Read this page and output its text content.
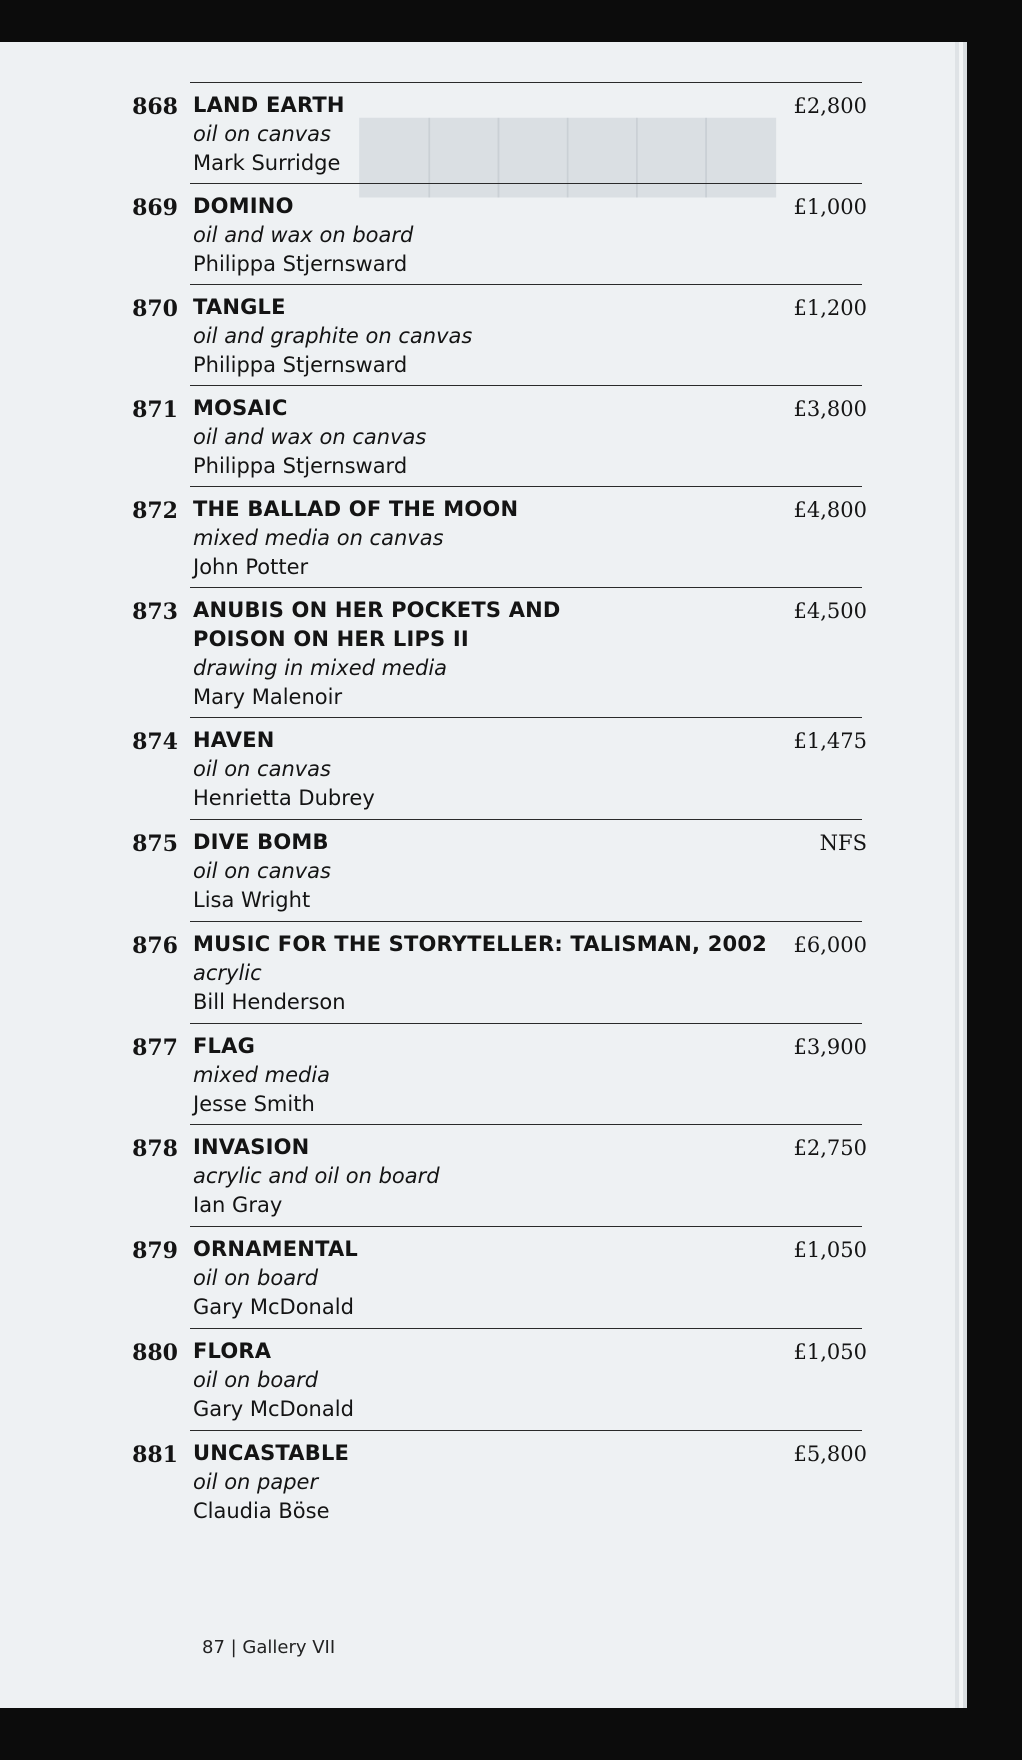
▆▆▆▆▆▆
868 LAND EARTH
oil on canvas
Mark Surridge
£2,800
869 DOMINO
oil and wax on board
Philippa Stjernsward
£1,000
870 TANGLE
oil and graphite on canvas
Philippa Stjernsward
£1,200
871 MOSAIC
oil and wax on canvas
Philippa Stjernsward
£3,800
872 THE BALLAD OF THE MOON
mixed media on canvas
John Potter
£4,800
873 ANUBIS ON HER POCKETS AND
POISON ON HER LIPS II
drawing in mixed media
Mary Malenoir
£4,500
874 HAVEN
oil on canvas
Henrietta Dubrey
£1,475
875 DIVE BOMB
oil on canvas
Lisa Wright
NFS
876 MUSIC FOR THE STORYTELLER: TALISMAN, 2002
acrylic
Bill Henderson
£6,000
877 FLAG
mixed media
Jesse Smith
£3,900
878 INVASION
acrylic and oil on board
Ian Gray
£2,750
879 ORNAMENTAL
oil on board
Gary McDonald
£1,050
880 FLORA
oil on board
Gary McDonald
£1,050
881 UNCASTABLE
oil on paper
Claudia Böse
£5,800
87 | Gallery VII
